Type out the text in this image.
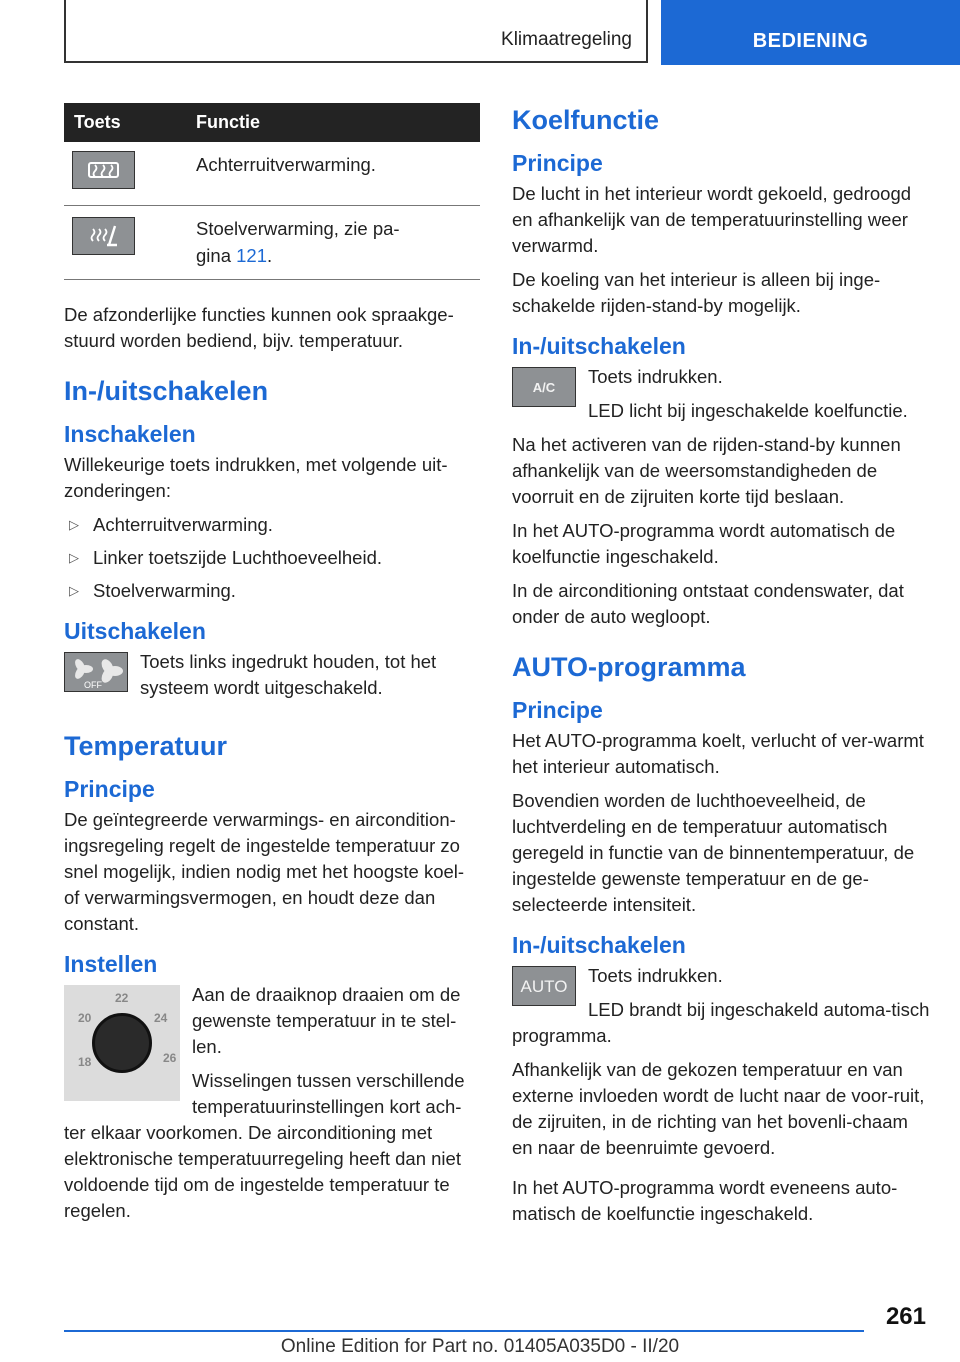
Klimaatregeling	BEDIENING
Toets	Functie
	Achterruitverwarming.
	Stoelverwarming, zie pa-
gina 121.

De afzonderlijke functies kunnen ook spraakge-stuurd worden bediend, bijv. temperatuur.

In-/uitschakelen
Inschakelen

Willekeurige toets indrukken, met volgende uit-zonderingen:

▷ Achterruitverwarming.
▷ Linker toetszijde Luchthoeveelheid.
▷ Stoelverwarming.
Uitschakelen
OFF

Toets links ingedrukt houden, tot het systeem wordt uitgeschakeld.

Temperatuur
Principe

De geïntegreerde verwarmings- en aircondition-ingsregeling regelt de ingestelde temperatuur zo snel mogelijk, indien nodig met het hoogste koel- of verwarmingsvermogen, en houdt deze dan constant.

Instellen
18
20
22
24
26

Aan de draaiknop draaien om de gewenste temperatuur in te stel-len.

Wisselingen tussen verschillende temperatuurinstellingen kort ach-ter elkaar voorkomen. De airconditioning met elektronische temperatuurregeling heeft dan niet voldoende tijd om de ingestelde temperatuur te regelen.

Koelfunctie
Principe

De lucht in het interieur wordt gekoeld, gedroogd en afhankelijk van de temperatuurinstelling weer verwarmd.

De koeling van het interieur is alleen bij inge-schakelde rijden-stand-by mogelijk.

In-/uitschakelen
A/C

Toets indrukken.

LED licht bij ingeschakelde koelfunctie.

Na het activeren van de rijden-stand-by kunnen afhankelijk van de weersomstandigheden de voorruit en de zijruiten korte tijd beslaan.

In het AUTO-programma wordt automatisch de koelfunctie ingeschakeld.

In de airconditioning ontstaat condenswater, dat onder de auto wegloopt.

AUTO-programma
Principe

Het AUTO-programma koelt, verlucht of ver-warmt het interieur automatisch.

Bovendien worden de luchthoeveelheid, de luchtverdeling en de temperatuur automatisch geregeld in functie van de binnentemperatuur, de ingestelde gewenste temperatuur en de ge-selecteerde intensiteit.

In-/uitschakelen
AUTO

Toets indrukken.

LED brandt bij ingeschakeld automa-tisch programma.

Afhankelijk van de gekozen temperatuur en van externe invloeden wordt de lucht naar de voor-ruit, de zijruiten, in de richting van het bovenli-chaam en naar de beenruimte gevoerd.

In het AUTO-programma wordt eveneens auto-matisch de koelfunctie ingeschakeld.

261
Online Edition for Part no. 01405A035D0 - II/20
